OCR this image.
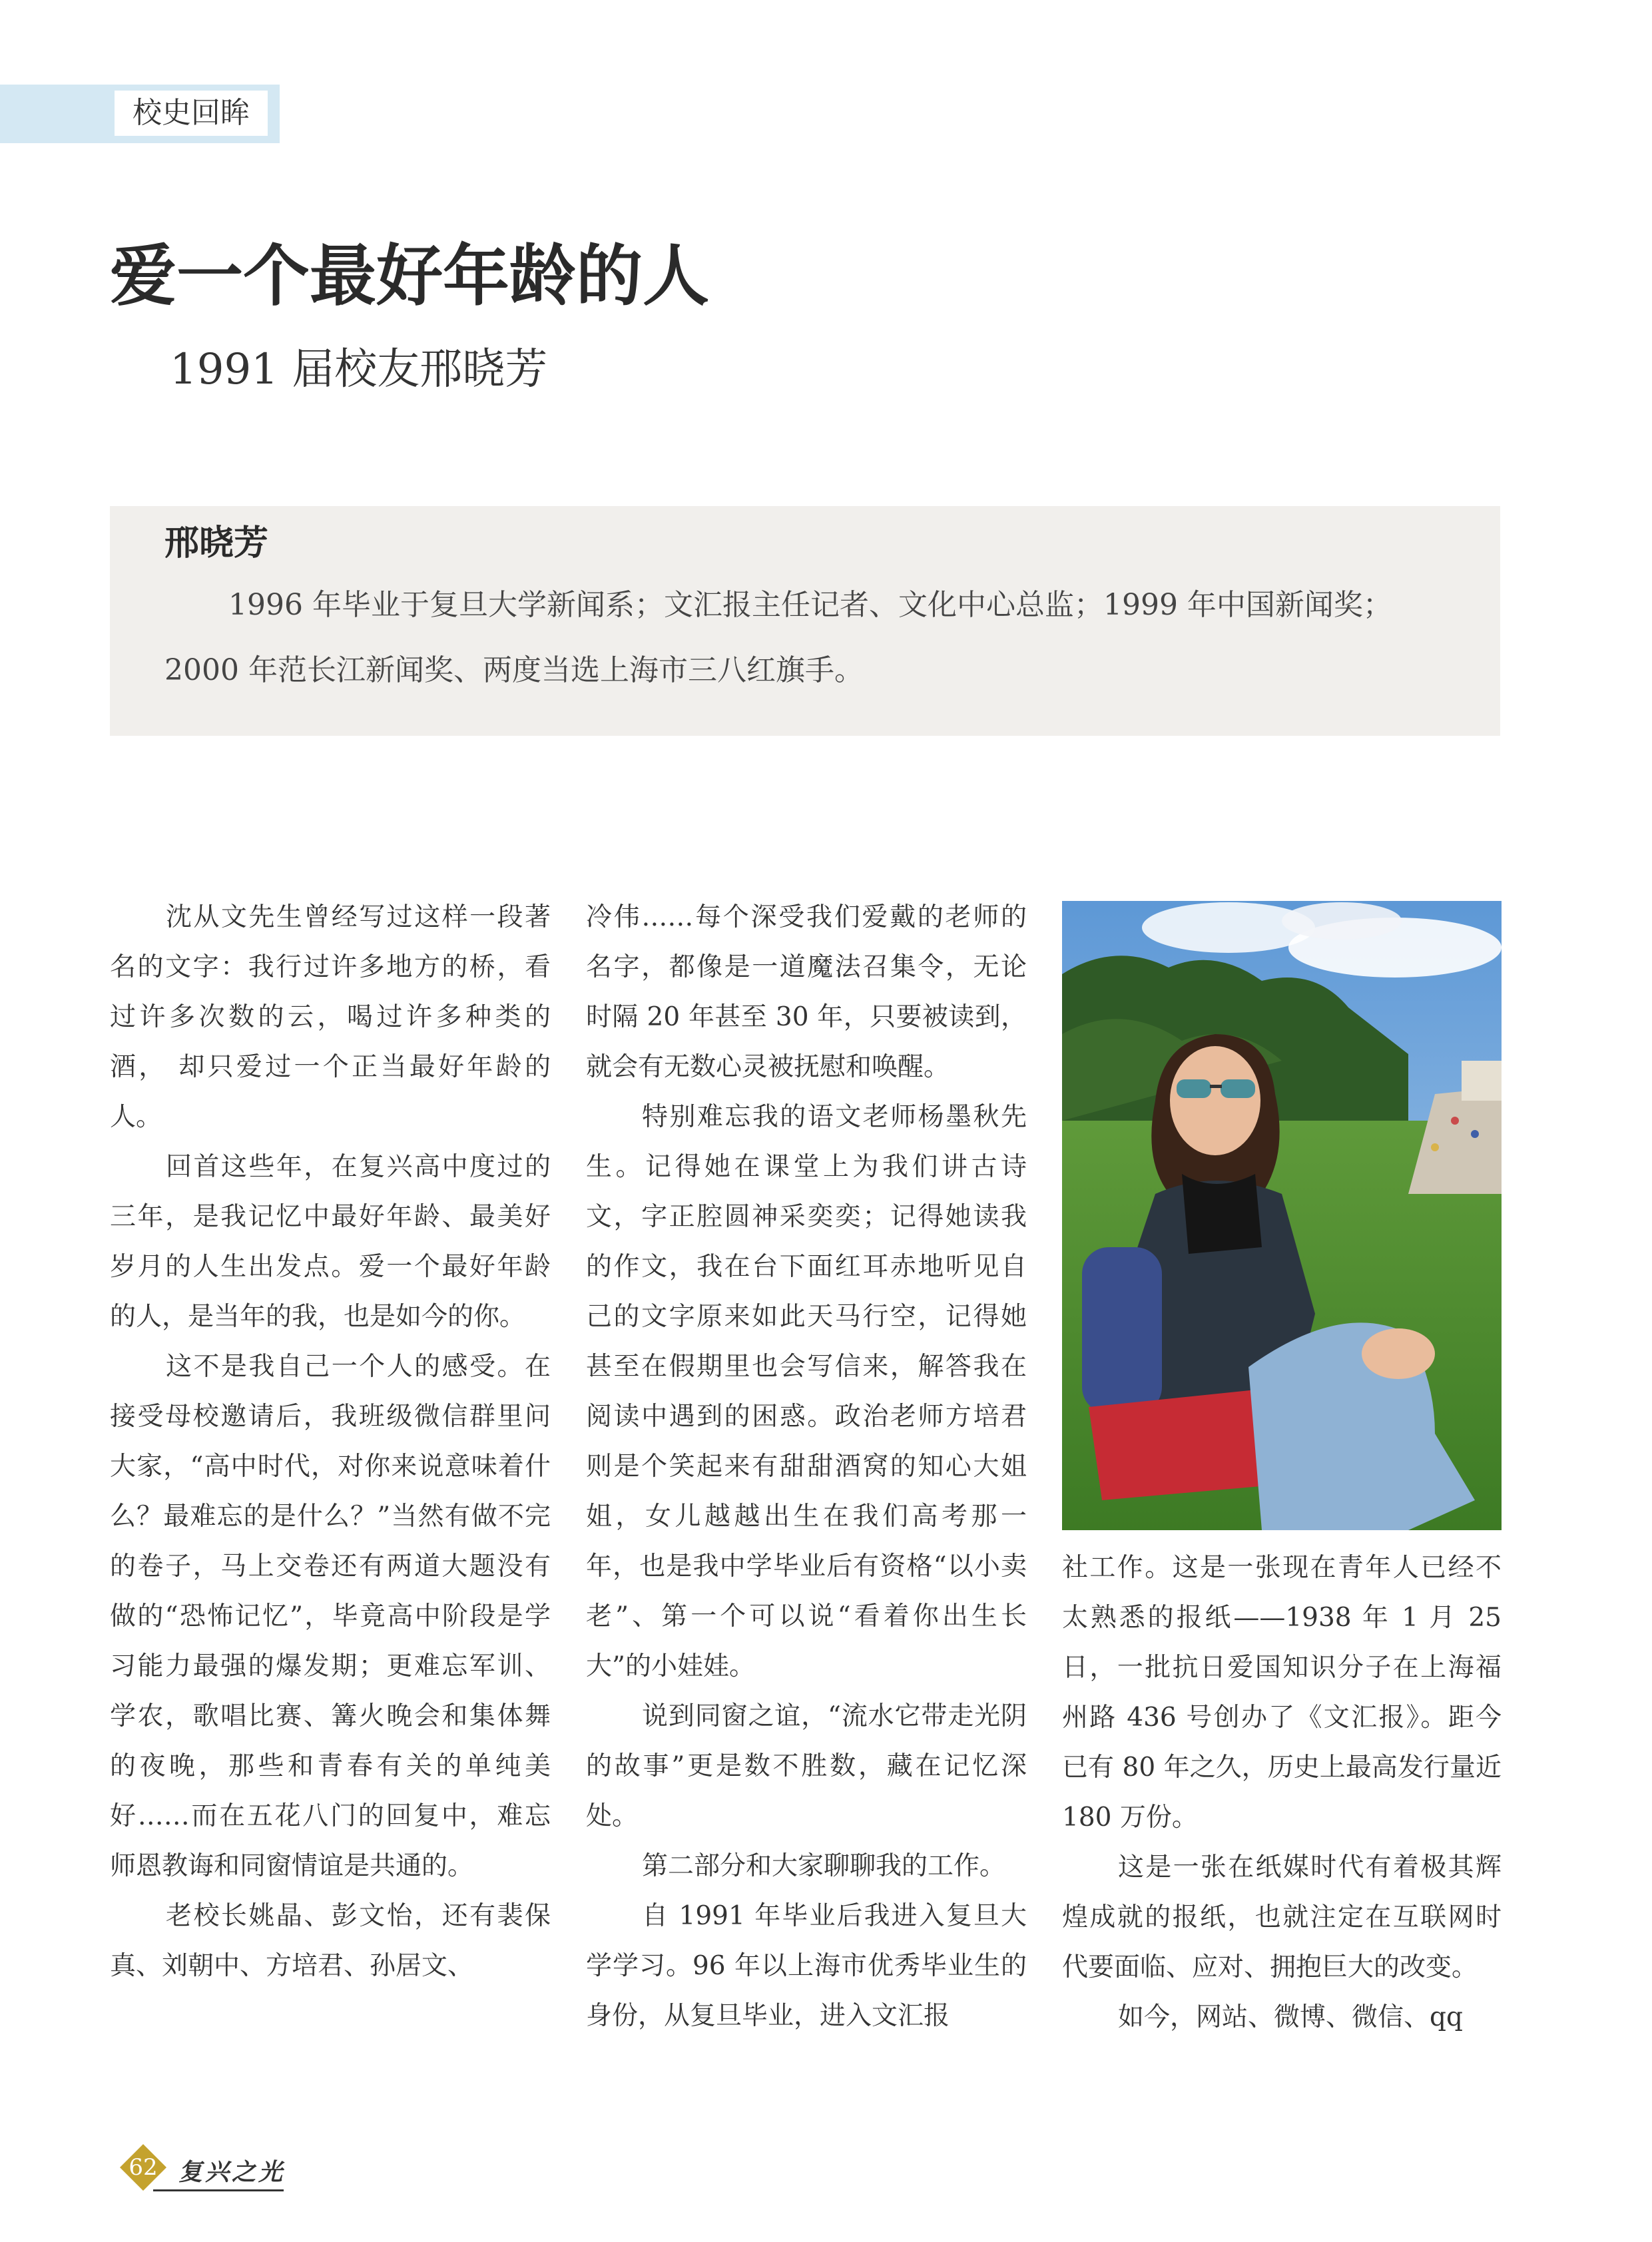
校史回眸
爱一个最好年龄的人
1991 届校友邢晓芳
邢晓芳
1996 年毕业于复旦大学新闻系；文汇报主任记者、文化中心总监；1999 年中国新闻奖；2000 年范长江新闻奖、两度当选上海市三八红旗手。

沈从文先生曾经写过这样一段著名的文字：我行过许多地方的桥，看过许多次数的云，喝过许多种类的酒， 却只爱过一个正当最好年龄的人。

回首这些年，在复兴高中度过的三年，是我记忆中最好年龄、最美好岁月的人生出发点。爱一个最好年龄的人，是当年的我，也是如今的你。

这不是我自己一个人的感受。在接受母校邀请后，我班级微信群里问大家，“高中时代，对你来说意味着什么？最难忘的是什么？”当然有做不完的卷子，马上交卷还有两道大题没有做的“恐怖记忆”，毕竟高中阶段是学习能力最强的爆发期；更难忘军训、学农，歌唱比赛、篝火晚会和集体舞的夜晚，那些和青春有关的单纯美好……而在五花八门的回复中，难忘师恩教诲和同窗情谊是共通的。

老校长姚晶、彭文怡，还有裴保真、刘朝中、方培君、孙居文、

冷伟……每个深受我们爱戴的老师的名字，都像是一道魔法召集令，无论时隔 20 年甚至 30 年，只要被读到，就会有无数心灵被抚慰和唤醒。

特别难忘我的语文老师杨墨秋先生。记得她在课堂上为我们讲古诗文，字正腔圆神采奕奕；记得她读我的作文，我在台下面红耳赤地听见自己的文字原来如此天马行空，记得她甚至在假期里也会写信来，解答我在阅读中遇到的困惑。政治老师方培君则是个笑起来有甜甜酒窝的知心大姐姐，女儿越越出生在我们高考那一年，也是我中学毕业后有资格“以小卖老”、第一个可以说“看着你出生长大”的小娃娃。

说到同窗之谊，“流水它带走光阴的故事”更是数不胜数，藏在记忆深处。

第二部分和大家聊聊我的工作。

自 1991 年毕业后我进入复旦大学学习。96 年以上海市优秀毕业生的身份，从复旦毕业，进入文汇报

社工作。这是一张现在青年人已经不太熟悉的报纸——1938 年 1 月 25 日，一批抗日爱国知识分子在上海福州路 436 号创办了《文汇报》。距今已有 80 年之久，历史上最高发行量近 180 万份。

这是一张在纸媒时代有着极其辉煌成就的报纸，也就注定在互联网时代要面临、应对、拥抱巨大的改变。

如今，网站、微博、微信、qq

62 复兴之光
